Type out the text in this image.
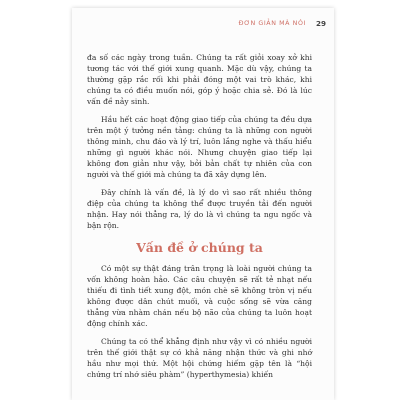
ĐƠN GIẢN MÀ NÓI 29

đa số các ngày trong tuần. Chúng ta rất giỏi xoay xở khi tương tác với thế giới xung quanh. Mặc dù vậy, chúng ta thường gặp rắc rối khi phải đóng một vai trò khác, khi chúng ta có điều muốn nói, góp ý hoặc chia sẻ. Đó là lúc vấn đề nảy sinh.

Hầu hết các hoạt động giao tiếp của chúng ta đều dựa trên một ý tưởng nền tảng: chúng ta là những con người thông minh, chu đáo và lý trí, luôn lắng nghe và thấu hiểu những gì người khác nói. Nhưng chuyện giao tiếp lại không đơn giản như vậy, bởi bản chất tự nhiên của con người và thế giới mà chúng ta đã xây dựng lên.

Đây chính là vấn đề, là lý do vì sao rất nhiều thông điệp của chúng ta không thể được truyền tải đến người nhận. Hay nói thẳng ra, lý do là vì chúng ta ngu ngốc và bận rộn.

Vấn đề ở chúng ta

Có một sự thật đáng trân trọng là loài người chúng ta vốn không hoàn hảo. Các câu chuyện sẽ rất tẻ nhạt nếu thiếu đi tình tiết xung đột, món chè sẽ không tròn vị nếu không được dân chút muối, và cuộc sống sẽ vừa căng thẳng vừa nhàm chán nếu bộ não của chúng ta luôn hoạt động chính xác.

Chúng ta có thể khẳng định như vậy vì có nhiều người trên thế giới thật sự có khả năng nhận thức và ghi nhớ hầu như mọi thứ. Một hội chứng hiếm gặp tên là “hội chứng trí nhớ siêu phàm” (hyperthymesia) khiến
